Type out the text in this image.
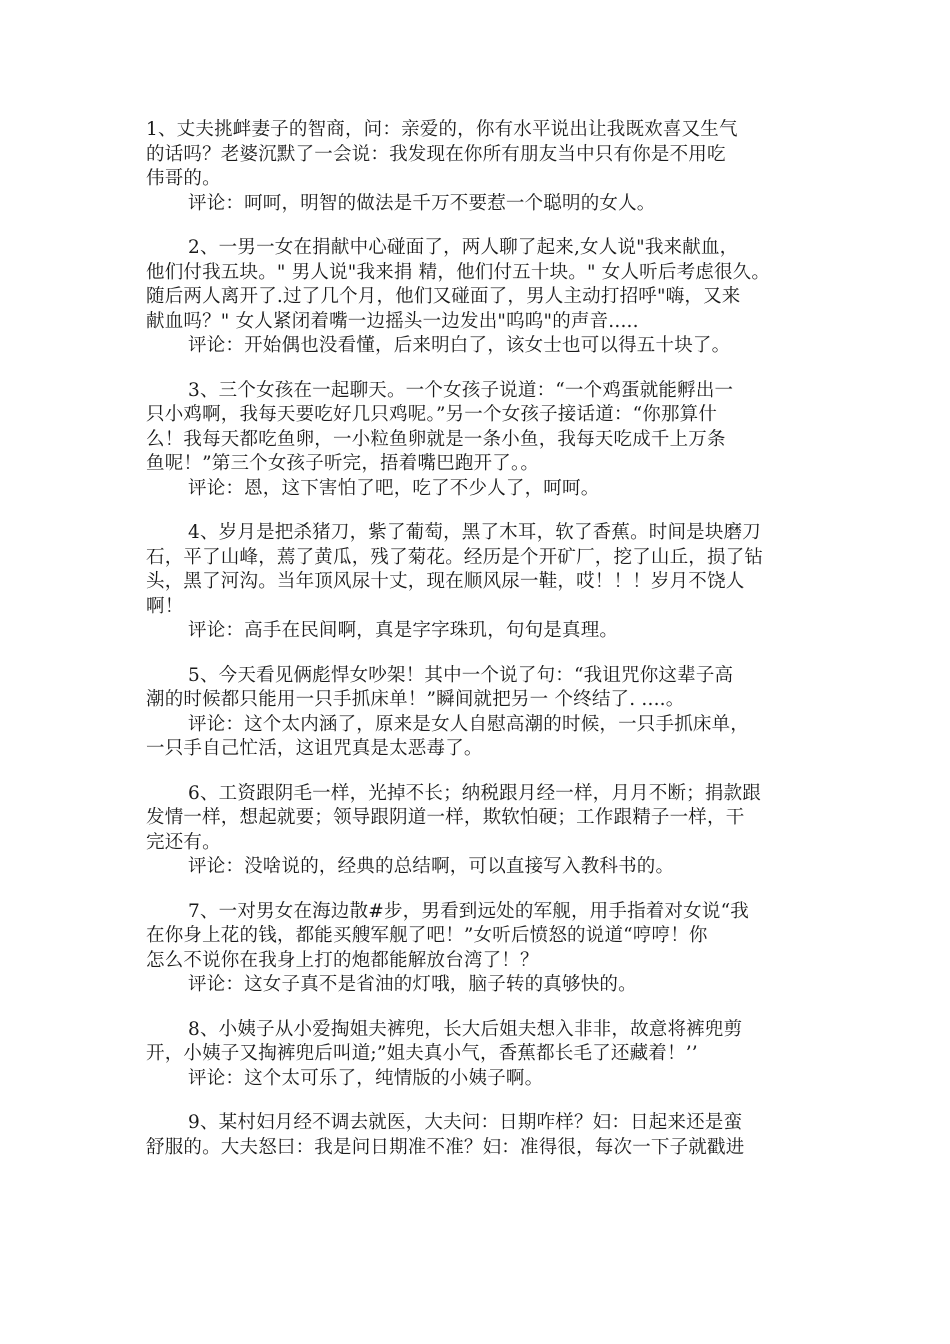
1、丈夫挑衅妻子的智商，问：亲爱的，你有水平说出让我既欢喜又生气
的话吗？老婆沉默了一会说：我发现在你所有朋友当中只有你是不用吃
伟哥的。
评论：呵呵，明智的做法是千万不要惹一个聪明的女人。
2、一男一女在捐献中心碰面了，两人聊了起来,女人说"我来献血，
他们付我五块。" 男人说"我来捐 精，他们付五十块。" 女人听后考虑很久。
随后两人离开了.过了几个月，他们又碰面了，男人主动打招呼"嗨，又来
献血吗？" 女人紧闭着嘴一边摇头一边发出"呜呜"的声音.....
评论：开始偶也没看懂，后来明白了，该女士也可以得五十块了。
3、三个女孩在一起聊天。一个女孩子说道：“一个鸡蛋就能孵出一
只小鸡啊，我每天要吃好几只鸡呢。”另一个女孩子接话道：“你那算什
么！我每天都吃鱼卵，一小粒鱼卵就是一条小鱼，我每天吃成千上万条
鱼呢！”第三个女孩子听完，捂着嘴巴跑开了。。
评论：恩，这下害怕了吧，吃了不少人了，呵呵。
4、岁月是把杀猪刀，紫了葡萄，黑了木耳，软了香蕉。时间是块磨刀
石，平了山峰，蔫了黄瓜，残了菊花。经历是个开矿厂，挖了山丘，损了钻
头，黑了河沟。当年顶风尿十丈，现在顺风尿一鞋，哎！！！岁月不饶人
啊！
评论：高手在民间啊，真是字字珠玑，句句是真理。
5、今天看见俩彪悍女吵架！其中一个说了句：“我诅咒你这辈子高
潮的时候都只能用一只手抓床单！”瞬间就把另一 个终结了. ....。
评论：这个太内涵了，原来是女人自慰高潮的时候，一只手抓床单，
一只手自己忙活，这诅咒真是太恶毒了。
6、工资跟阴毛一样，光掉不长；纳税跟月经一样，月月不断；捐款跟
发情一样，想起就要；领导跟阴道一样，欺软怕硬；工作跟精子一样，干
完还有。
评论：没啥说的，经典的总结啊，可以直接写入教科书的。
7、一对男女在海边散#步，男看到远处的军舰，用手指着对女说“我
在你身上花的钱，都能买艘军舰了吧！”女听后愤怒的说道“哼哼！你
怎么不说你在我身上打的炮都能解放台湾了！？
评论：这女子真不是省油的灯哦，脑子转的真够快的。
8、小姨子从小爱掏姐夫裤兜，长大后姐夫想入非非，故意将裤兜剪
开，小姨子又掏裤兜后叫道;”姐夫真小气，香蕉都长毛了还藏着！’’
评论：这个太可乐了，纯情版的小姨子啊。
9、某村妇月经不调去就医，大夫问：日期咋样？妇：日起来还是蛮
舒服的。大夫怒曰：我是问日期准不准？妇：准得很，每次一下子就戳进
